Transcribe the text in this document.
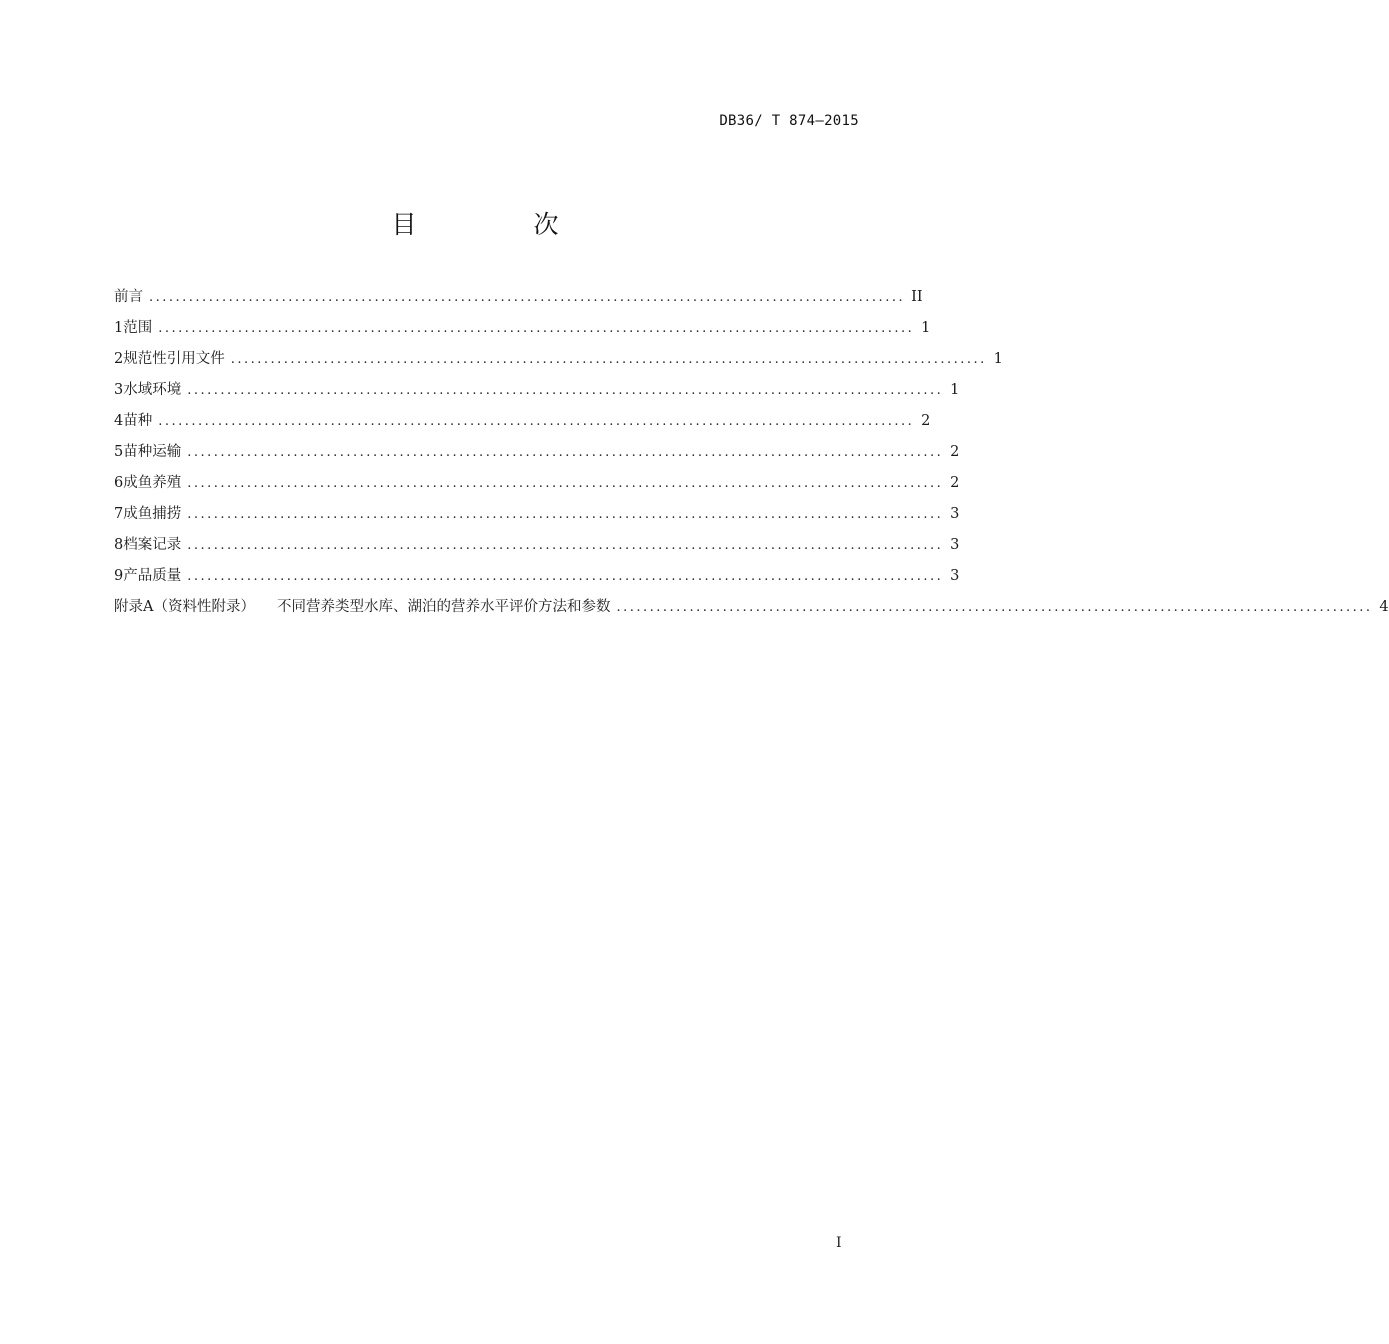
DB36/ T 874—2015
目　次
前言 .................................................................................................................. II
1 范围 .................................................................................................................. 1
2 规范性引用文件 .................................................................................................................. 1
3 水域环境 .................................................................................................................. 1
4 苗种 .................................................................................................................. 2
5 苗种运输 .................................................................................................................. 2
6 成鱼养殖 .................................................................................................................. 2
7 成鱼捕捞 .................................................................................................................. 3
8 档案记录 .................................................................................................................. 3
9 产品质量 .................................................................................................................. 3
附录A（资料性附录） 不同营养类型水库、湖泊的营养水平评价方法和参数 .................................................................................................................. 4
I
